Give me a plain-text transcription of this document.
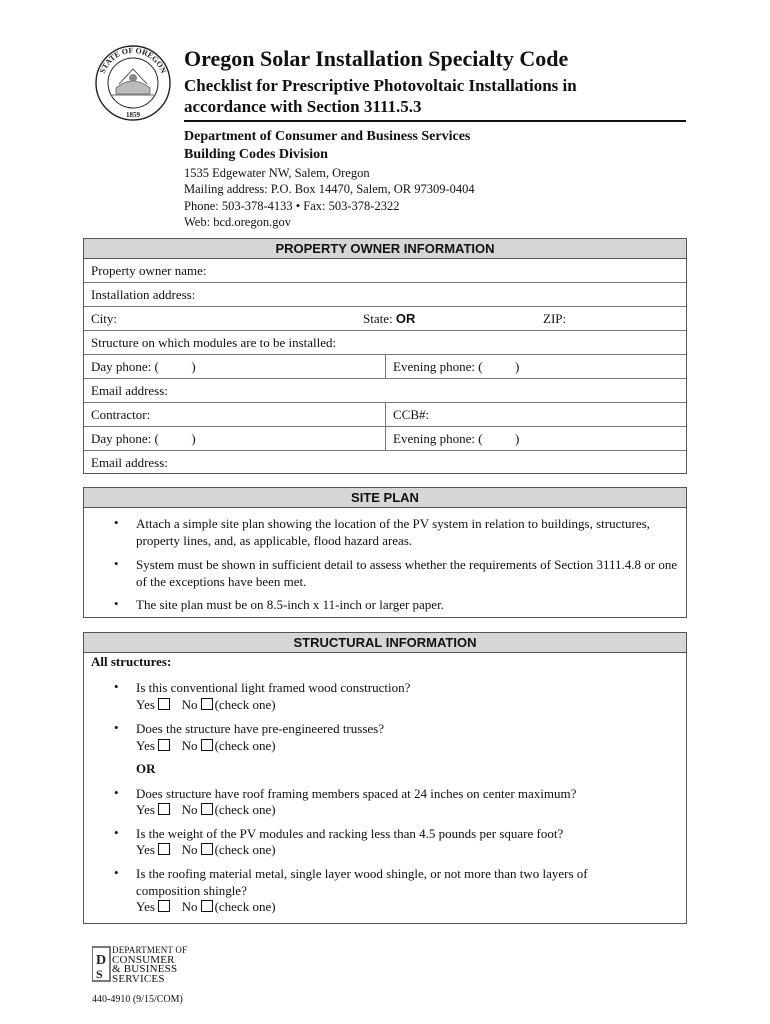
STATE OF OREGON
1859
Oregon Solar Installation Specialty Code
Checklist for Prescriptive Photovoltaic Installations in accordance with Section 3111.5.3
Department of Consumer and Business Services
Building Codes Division
1535 Edgewater NW, Salem, Oregon
Mailing address: P.O. Box 14470, Salem, OR 97309-0404
Phone: 503-378-4133 • Fax: 503-378-2322
Web: bcd.oregon.gov
PROPERTY OWNER INFORMATION
Property owner name:
Installation address:
City:	State: OR	ZIP:
Structure on which modules are to be installed:
Day phone: (          )	Evening phone: (          )
Email address:
Contractor:	CCB#:
Day phone: (          )	Evening phone: (          )
Email address:
SITE PLAN
• Attach a simple site plan showing the location of the PV system in relation to buildings, structures, property lines, and, as applicable, flood hazard areas.
• System must be shown in sufficient detail to assess whether the requirements of Section 3111.4.8 or one of the exceptions have been met.
• The site plan must be on 8.5-inch x 11-inch or larger paper.
STRUCTURAL INFORMATION
All structures:
• Is this conventional light framed wood construction?
Yes No (check one)
• Does the structure have pre-engineered trusses?
Yes No (check one)
OR
• Does structure have roof framing members spaced at 24 inches on center maximum?
Yes No (check one)
• Is the weight of the PV modules and racking less than 4.5 pounds per square foot?
Yes No (check one)
• Is the roofing material metal, single layer wood shingle, or not more than two layers of composition shingle?
Yes No (check one)
D
S
DEPARTMENT OF
CONSUMER
& BUSINESS
SERVICES
440-4910 (9/15/COM)
